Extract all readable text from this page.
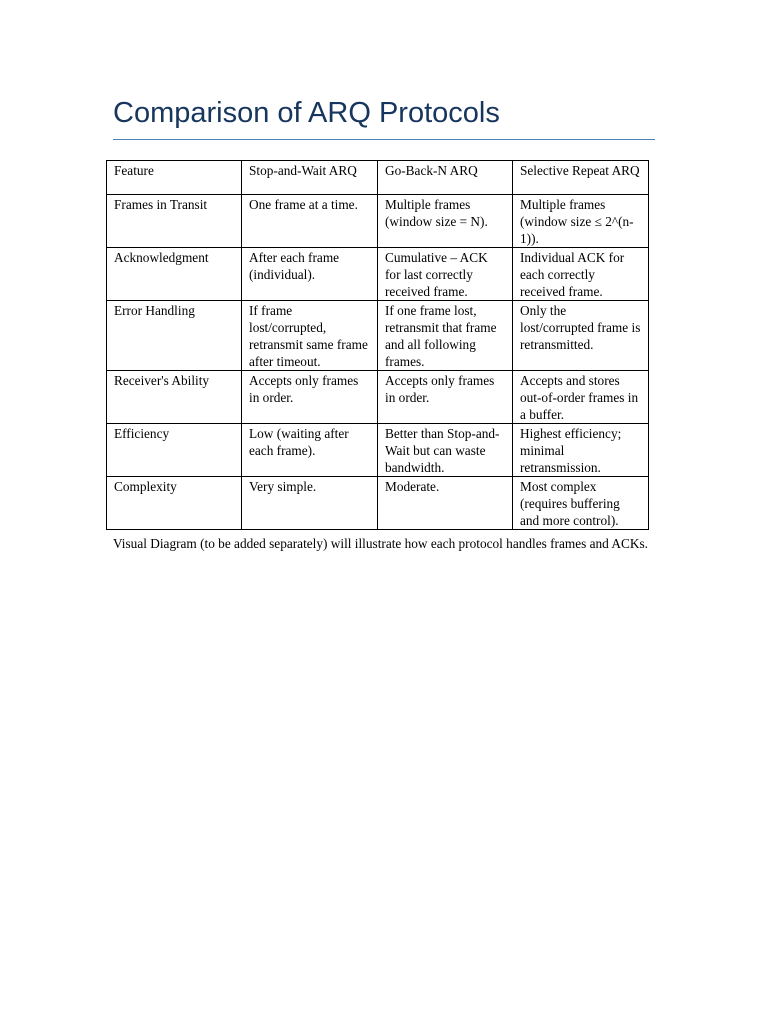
Comparison of ARQ Protocols
Feature	Stop-and-Wait ARQ	Go-Back-N ARQ	Selective Repeat ARQ
Frames in Transit	One frame at a time.	Multiple frames (window size = N).	Multiple frames (window size ≤ 2^(n-1)).
Acknowledgment	After each frame (individual).	Cumulative – ACK for last correctly received frame.	Individual ACK for each correctly received frame.
Error Handling	If frame lost/corrupted, retransmit same frame after timeout.	If one frame lost, retransmit that frame and all following frames.	Only the lost/corrupted frame is retransmitted.
Receiver's Ability	Accepts only frames in order.	Accepts only frames in order.	Accepts and stores out-of-order frames in a buffer.
Efficiency	Low (waiting after each frame).	Better than Stop-and-Wait but can waste bandwidth.	Highest efficiency; minimal retransmission.
Complexity	Very simple.	Moderate.	Most complex (requires buffering and more control).

Visual Diagram (to be added separately) will illustrate how each protocol handles frames and ACKs.
